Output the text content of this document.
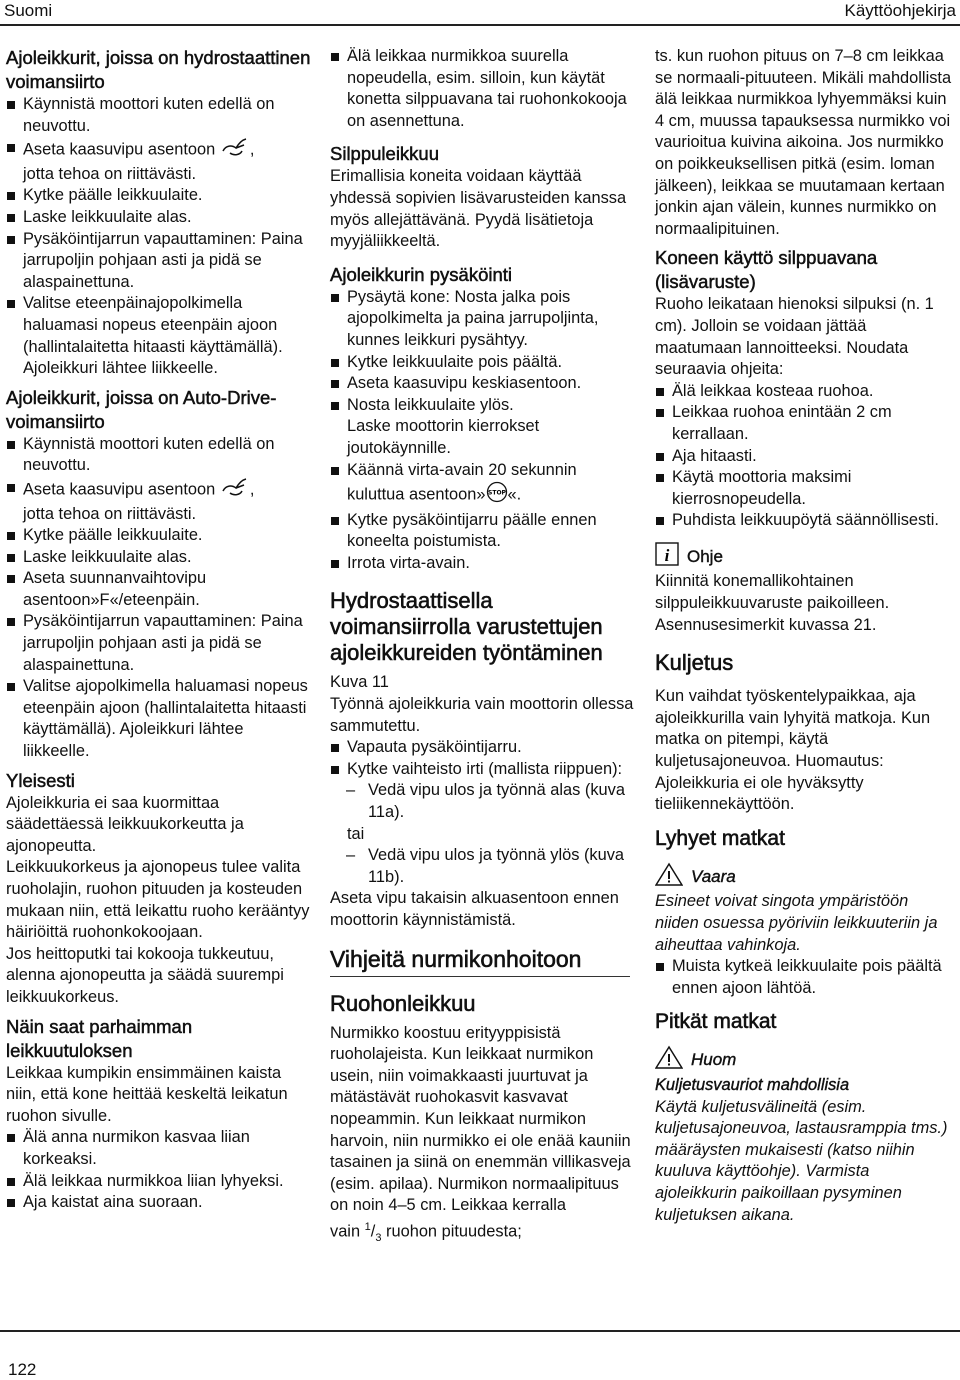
Suomi	Käyttöohjekirja
Ajoleikkurit, joissa on hydrostaattinen voimansiirto
Käynnistä moottori kuten edellä on neuvottu.
Aseta kaasuvipu asentoon ,
jotta tehoa on riittävästi.
Kytke päälle leikkuulaite.
Laske leikkuulaite alas.
Pysäköintijarrun vapauttaminen: Paina jarrupoljin pohjaan asti ja pidä se alaspainettuna.
Valitse eteenpäinajopolkimella haluamasi nopeus eteenpäin ajoon (hallintalaitetta hitaasti käyttämällä). Ajoleikkuri lähtee liikkeelle.
Ajoleikkurit, joissa on Auto-Drive-voimansiirto
Käynnistä moottori kuten edellä on neuvottu.
Aseta kaasuvipu asentoon ,
jotta tehoa on riittävästi.
Kytke päälle leikkuulaite.
Laske leikkuulaite alas.
Aseta suunnanvaihtovipu asentoon»F«/eteenpäin.
Pysäköintijarrun vapauttaminen: Paina jarrupoljin pohjaan asti ja pidä se alaspainettuna.
Valitse ajopolkimella haluamasi nopeus eteenpäin ajoon (hallintalaitetta hitaasti käyttämällä). Ajoleikkuri lähtee liikkeelle.
Yleisesti

Ajoleikkuria ei saa kuormittaa säädettäessä leikkuukorkeutta ja ajonopeutta.

Leikkuukorkeus ja ajonopeus tulee valita ruoholajin, ruohon pituuden ja kosteuden mukaan niin, että leikattu ruoho kerääntyy häiriöittä ruohonkokoojaan.

Jos heittoputki tai kokooja tukkeutuu, alenna ajonopeutta ja säädä suurempi leikkuukorkeus.

Näin saat parhaimman leikkuutuloksen

Leikkaa kumpikin ensimmäinen kaista niin, että kone heittää keskeltä leikatun ruohon sivulle.

Älä anna nurmikon kasvaa liian korkeaksi.
Älä leikkaa nurmikkoa liian lyhyeksi.
Aja kaistat aina suoraan.
Älä leikkaa nurmikkoa suurella nopeudella, esim. silloin, kun käytät konetta silppuavana tai ruohonkokooja on asennettuna.
Silppuleikkuu

Erimallisia koneita voidaan käyttää yhdessä sopivien lisävarusteiden kanssa myös allejättävänä. Pyydä lisätietoja myyjäliikkeeltä.

Ajoleikkurin pysäköinti
Pysäytä kone: Nosta jalka pois ajopolkimelta ja paina jarrupoljinta, kunnes leikkuri pysähtyy.
Kytke leikkuulaite pois päältä.
Aseta kaasuvipu keskiasentoon.
Nosta leikkuulaite ylös.

Laske moottorin kierrokset joutokäynnille.

Käännä virta-avain 20 sekunnin kuluttua asentoon» STOP «.
Kytke pysäköintijarru päälle ennen koneelta poistumista.
Irrota virta-avain.
Hydrostaattisella voimansiirrolla varustettujen ajoleikkureiden työntäminen

Kuva 11

Työnnä ajoleikkuria vain moottorin ollessa sammutettu.

Vapauta pysäköintijarru.
Kytke vaihteisto irti (mallista riippuen):

– Vedä vipu ulos ja työnnä alas (kuva 11a).

tai

– Vedä vipu ulos ja työnnä ylös (kuva 11b).

Aseta vipu takaisin alkuasentoon ennen moottorin käynnistämistä.

Vihjeitä nurmikonhoitoon
Ruohonleikkuu

Nurmikko koostuu erityyppisistä ruoholajeista. Kun leikkaat nurmikon usein, niin voimakkaasti juurtuvat ja mätästävät ruohokasvit kasvavat nopeammin. Kun leikkaat nurmikon harvoin, niin nurmikko ei ole enää kauniin tasainen ja siinä on enemmän villikasveja (esim. apilaa). Nurmikon normaalipituus on noin 4–5 cm. Leikkaa kerralla
vain $^1/_3$ ruohon pituudesta;

ts. kun ruohon pituus on 7–8 cm leikkaa se normaali-pituuteen. Mikäli mahdollista älä leikkaa nurmikkoa lyhyemmäksi kuin 4 cm, muussa tapauksessa nurmikko voi vaurioitua kuivina aikoina. Jos nurmikko on poikkeuksellisen pitkä (esim. loman jälkeen), leikkaa se muutamaan kertaan jonkin ajan välein, kunnes nurmikko on normaalipituinen.

Koneen käyttö silppuavana (lisävaruste)

Ruoho leikataan hienoksi silpuksi (n. 1 cm). Jolloin se voidaan jättää maatumaan lannoitteeksi. Noudata seuraavia ohjeita:

Älä leikkaa kosteaa ruohoa.
Leikkaa ruohoa enintään 2 cm kerrallaan.
Aja hitaasti.
Käytä moottoria maksimi kierrosnopeudella.
Puhdista leikkuupöytä säännöllisesti.
i Ohje

Kiinnitä konemallikohtainen silppuleikkuuvaruste paikoilleen. Asennusesimerkit kuvassa 21.

Kuljetus

Kun vaihdat työskentelypaikkaa, aja ajoleikkurilla vain lyhyitä matkoja. Kun matka on pitempi, käytä kuljetusajoneuvoa. Huomautus: Ajoleikkuria ei ole hyväksytty tieliikennekäyttöön.

Lyhyet matkat
Vaara

Esineet voivat singota ympäristöön niiden osuessa pyöriviin leikkuuteriin ja aiheuttaa vahinkoja.

Muista kytkeä leikkuulaite pois päältä ennen ajoon lähtöä.
Pitkät matkat
Huom

Kuljetusvauriot mahdollisia

Käytä kuljetusvälineitä (esim. kuljetusajoneuvoa, lastausramppia tms.) määräysten mukaisesti (katso niihin kuuluva käyttöohje). Varmista ajoleikkurin paikoillaan pysyminen kuljetuksen aikana.

122
